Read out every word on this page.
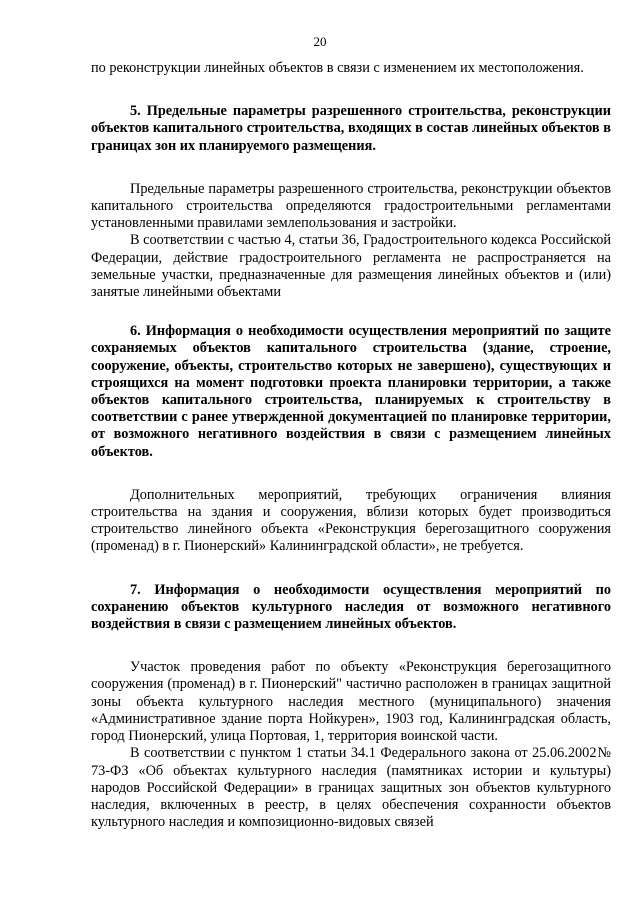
20

по реконструкции линейных объектов в связи с изменением их местоположения.

5. Предельные параметры разрешенного строительства, реконструкции объектов капитального строительства, входящих в состав линейных объектов в границах зон их планируемого размещения.

Предельные параметры разрешенного строительства, реконструкции объектов капитального строительства определяются градостроительными регламентами установленными правилами землепользования и застройки.

В соответствии с частью 4, статьи 36, Градостроительного кодекса Российской Федерации, действие градостроительного регламента не распространяется на земельные участки, предназначенные для размещения линейных объектов и (или) занятые линейными объектами

6. Информация о необходимости осуществления мероприятий по защите сохраняемых объектов капитального строительства (здание, строение, сооружение, объекты, строительство которых не завершено), существующих и строящихся на момент подготовки проекта планировки территории, а также объектов капитального строительства, планируемых к строительству в соответствии с ранее утвержденной документацией по планировке территории, от возможного негативного воздействия в связи с размещением линейных объектов.

Дополнительных мероприятий, требующих ограничения влияния строительства на здания и сооружения, вблизи которых будет производиться строительство линейного объекта «Реконструкция берегозащитного сооружения (променад) в г. Пионерский» Калининградской области», не требуется.

7. Информация о необходимости осуществления мероприятий по сохранению объектов культурного наследия от возможного негативного воздействия в связи с размещением линейных объектов.

Участок проведения работ по объекту «Реконструкция берегозащитного сооружения (променад) в г. Пионерский" частично расположен в границах защитной зоны объекта культурного наследия местного (муниципального) значения «Административное здание порта Нойкурен», 1903 год, Калининградская область, город Пионерский, улица Портовая, 1, территория воинской части.

В соответствии с пунктом 1 статьи 34.1 Федерального закона от 25.06.2002№ 73-ФЗ «Об объектах культурного наследия (памятниках истории и культуры) народов Российской Федерации» в границах защитных зон объектов культурного наследия, включенных в реестр, в целях обеспечения сохранности объектов культурного наследия и композиционно-видовых связей
